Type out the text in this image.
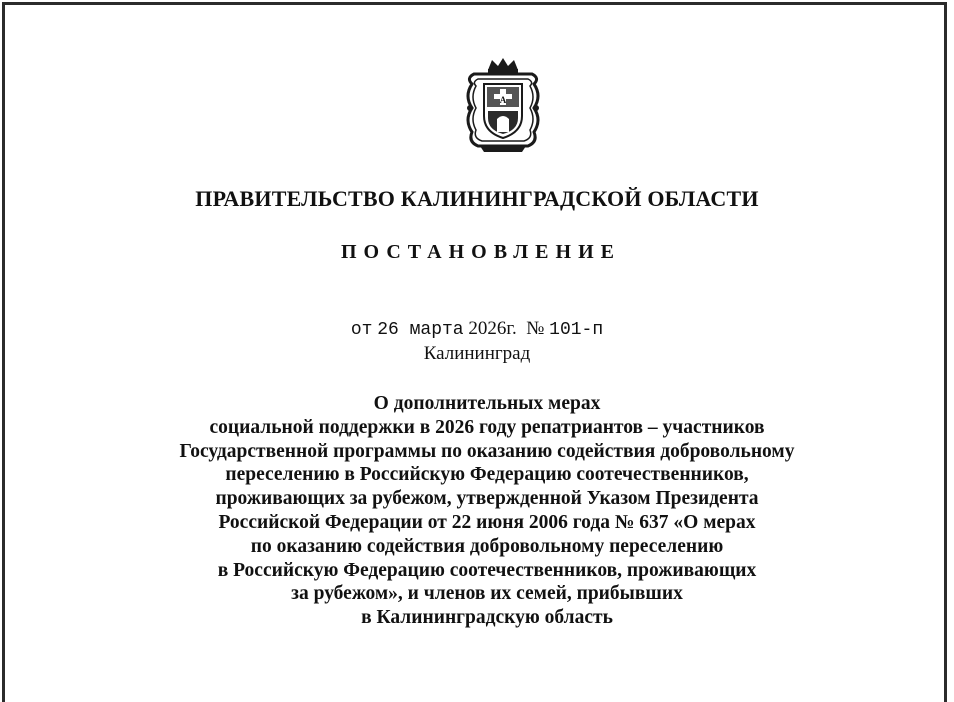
A
ПРАВИТЕЛЬСТВО КАЛИНИНГРАДСКОЙ ОБЛАСТИ
ПОСТАНОВЛЕНИЕ
от 26 марта 2026г. № 101-п
Калининград
О дополнительных мерах
социальной поддержки в 2026 году репатриантов – участников
Государственной программы по оказанию содействия добровольному
переселению в Российскую Федерацию соотечественников,
проживающих за рубежом, утвержденной Указом Президента
Российской Федерации от 22 июня 2006 года № 637 «О мерах
по оказанию содействия добровольному переселению
в Российскую Федерацию соотечественников, проживающих
за рубежом», и членов их семей, прибывших
в Калининградскую область
